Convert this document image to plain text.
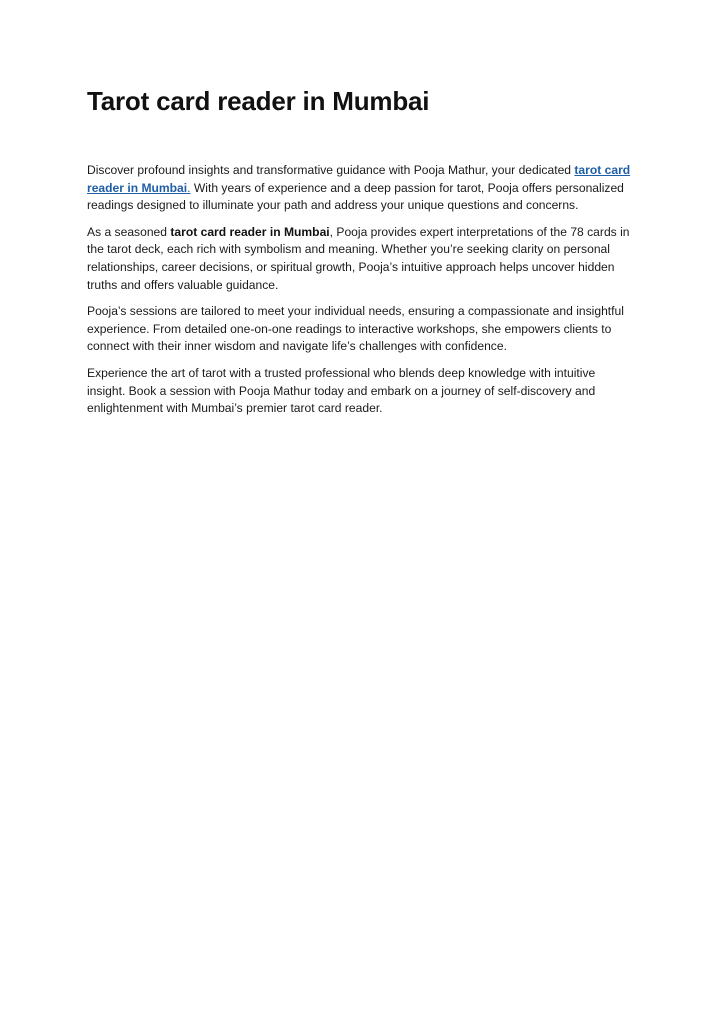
Tarot card reader in Mumbai

Discover profound insights and transformative guidance with Pooja Mathur, your dedicated tarot card reader in Mumbai. With years of experience and a deep passion for tarot, Pooja offers personalized readings designed to illuminate your path and address your unique questions and concerns.

As a seasoned tarot card reader in Mumbai, Pooja provides expert interpretations of the 78 cards in the tarot deck, each rich with symbolism and meaning. Whether you’re seeking clarity on personal relationships, career decisions, or spiritual growth, Pooja’s intuitive approach helps uncover hidden truths and offers valuable guidance.

Pooja’s sessions are tailored to meet your individual needs, ensuring a compassionate and insightful experience. From detailed one-on-one readings to interactive workshops, she empowers clients to connect with their inner wisdom and navigate life’s challenges with confidence.

Experience the art of tarot with a trusted professional who blends deep knowledge with intuitive insight. Book a session with Pooja Mathur today and embark on a journey of self-discovery and enlightenment with Mumbai’s premier tarot card reader.
